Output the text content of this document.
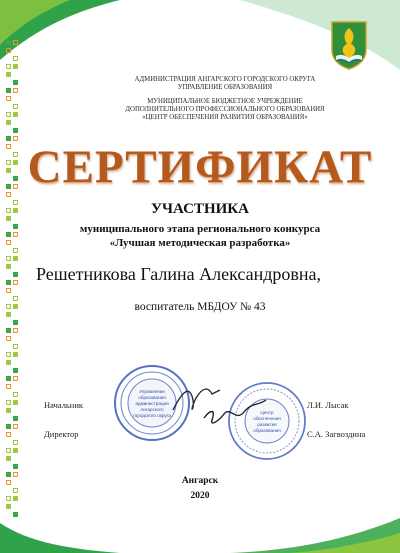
АДМИНИСТРАЦИЯ АНГАРСКОГО ГОРОДСКОГО ОКРУГА
УПРАВЛЕНИЕ ОБРАЗОВАНИЯ
МУНИЦИПАЛЬНОЕ БЮДЖЕТНОЕ УЧРЕЖДЕНИЕ
ДОПОЛНИТЕЛЬНОГО ПРОФЕССИОНАЛЬНОГО ОБРАЗОВАНИЯ
«ЦЕНТР ОБЕСПЕЧЕНИЯ РАЗВИТИЯ ОБРАЗОВАНИЯ»
СЕРТИФИКАТ
УЧАСТНИКА
муниципального этапа регионального конкурса
«Лучшая методическая разработка»
Решетникова Галина Александровна,
воспитатель МБДОУ № 43
Начальник	Л.И. Лысак
Директор	С.А. Загвоздина
Управление
образования
администрации
Ангарского
городского округа
Центр
обеспечения
развития
образования
Ангарск
2020
